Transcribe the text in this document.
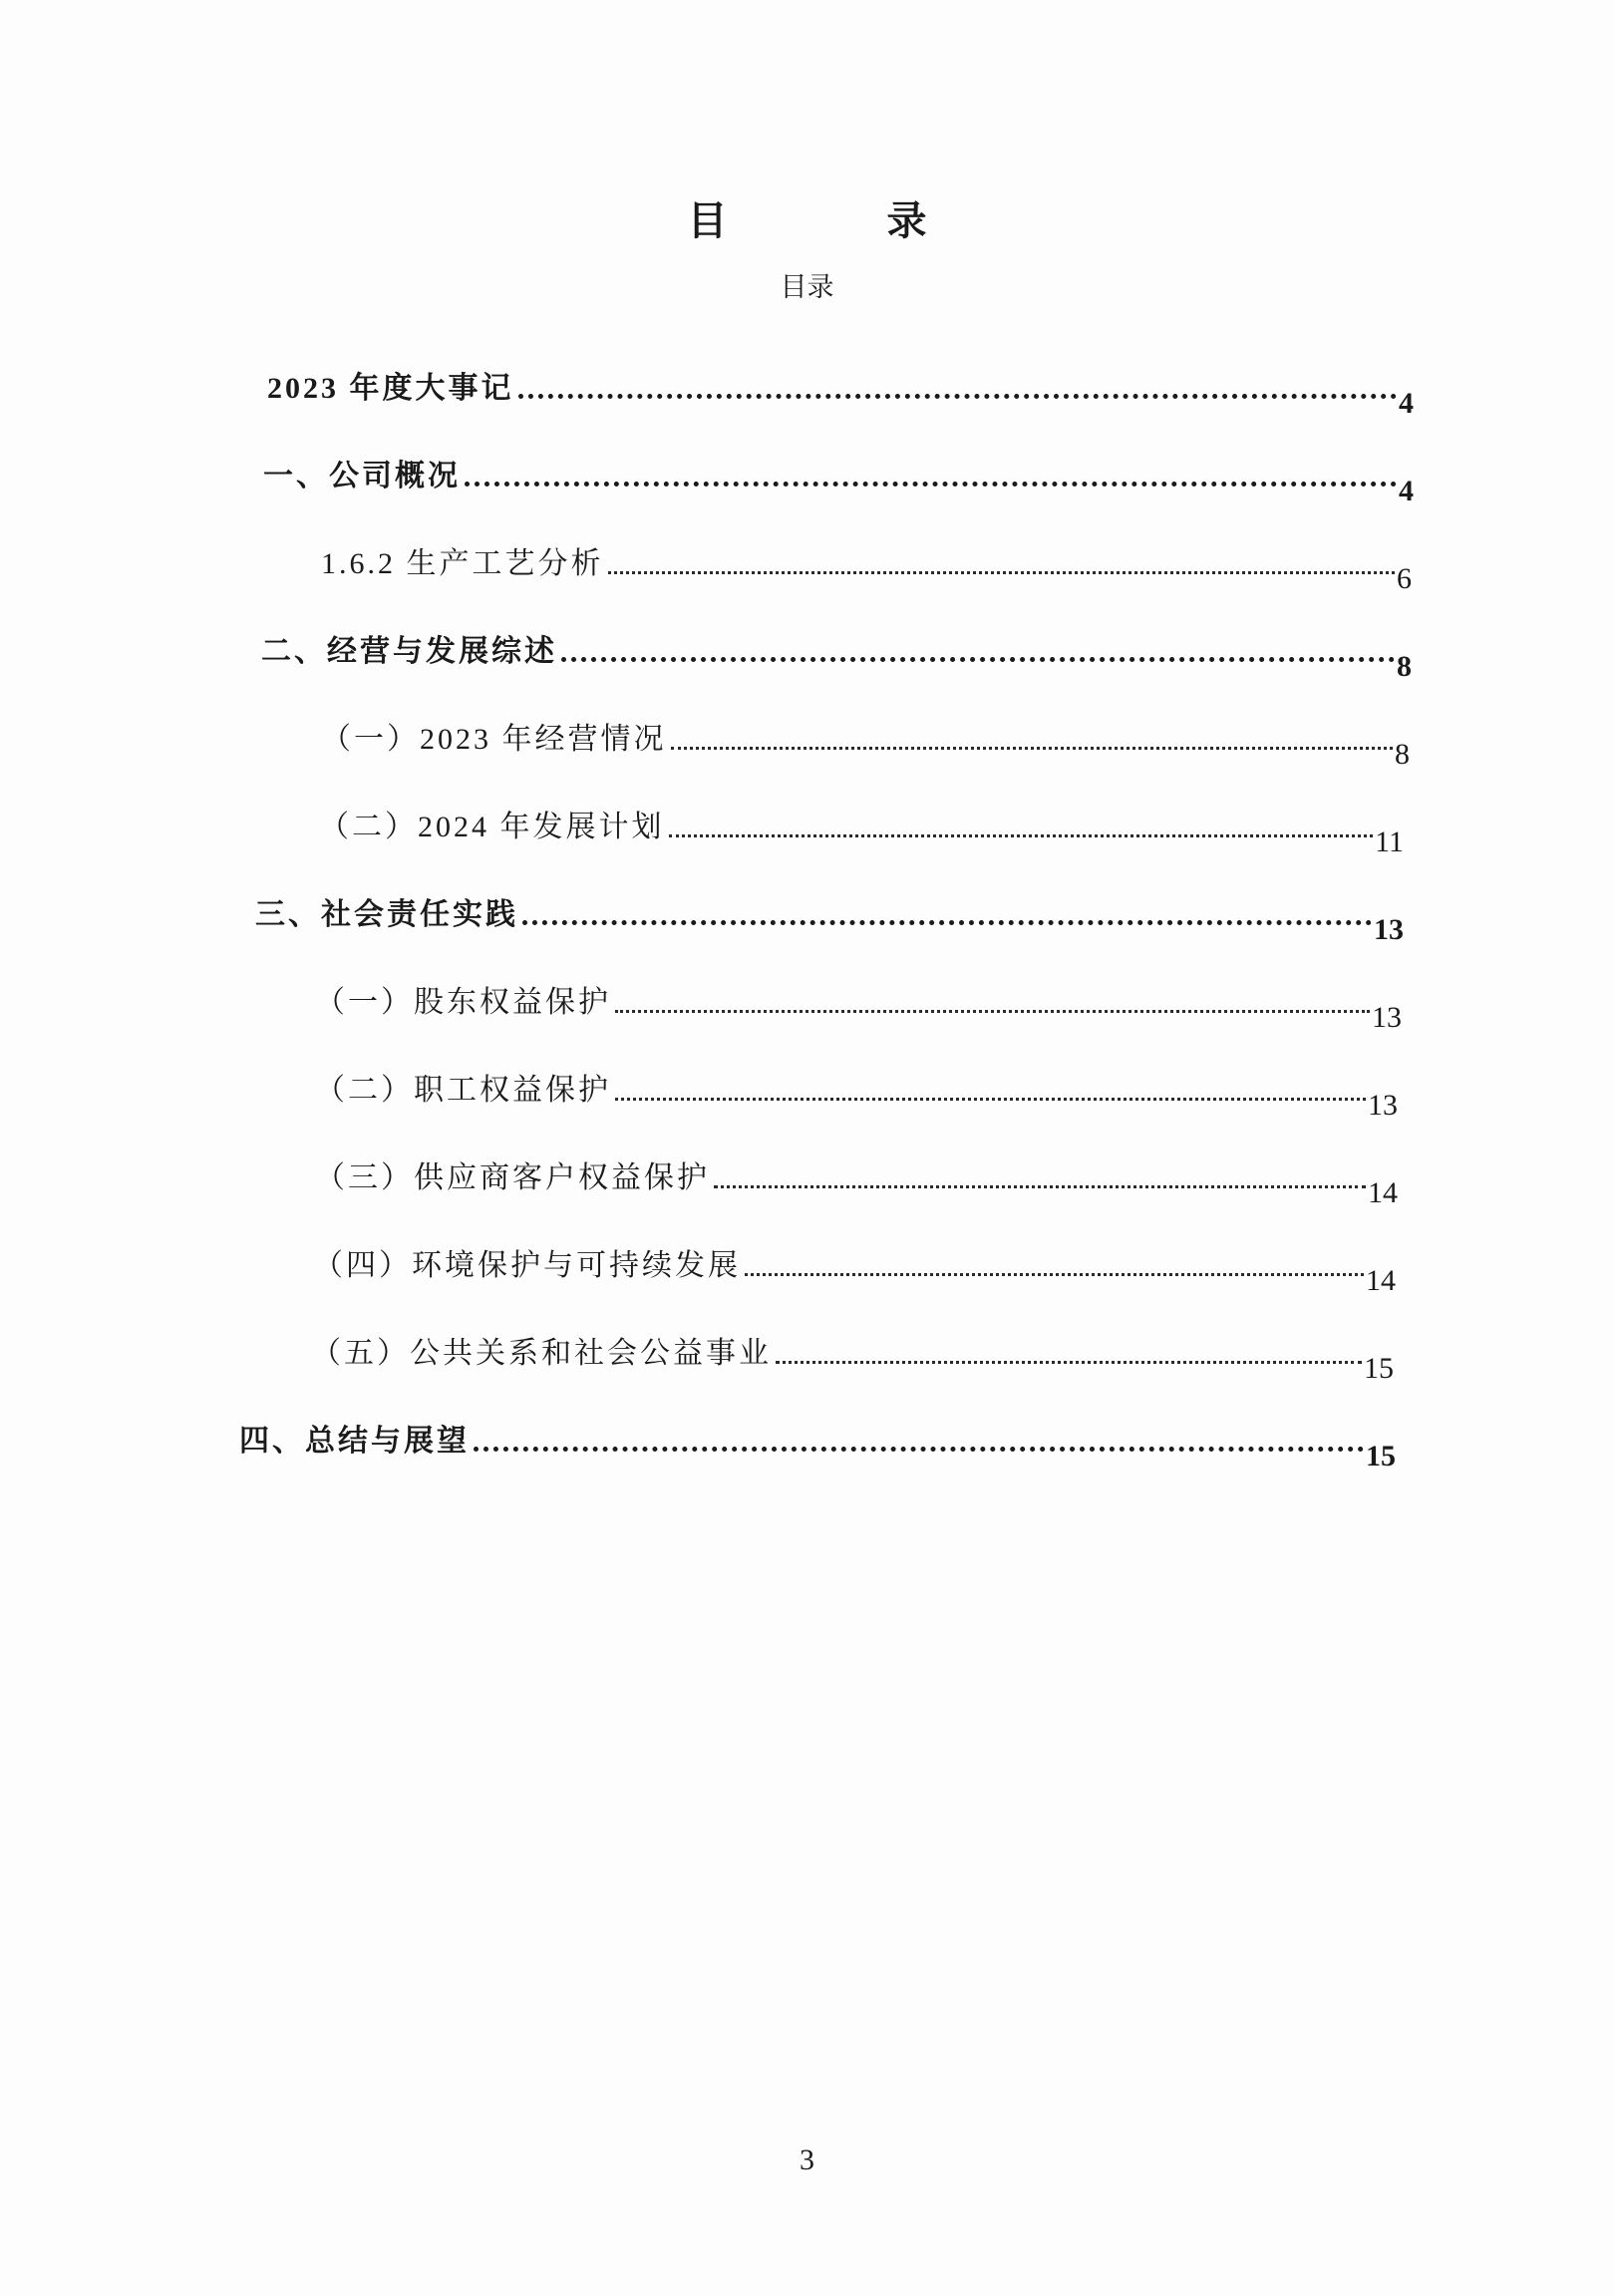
目　录
目录
2023 年度大事记	4
一、公司概况	4
1.6.2 生产工艺分析	6
二、经营与发展综述	8
（一）2023 年经营情况	8
（二）2024 年发展计划	11
三、社会责任实践	13
（一）股东权益保护	13
（二）职工权益保护	13
（三）供应商客户权益保护	14
（四）环境保护与可持续发展	14
（五）公共关系和社会公益事业	15
四、总结与展望	15
3
